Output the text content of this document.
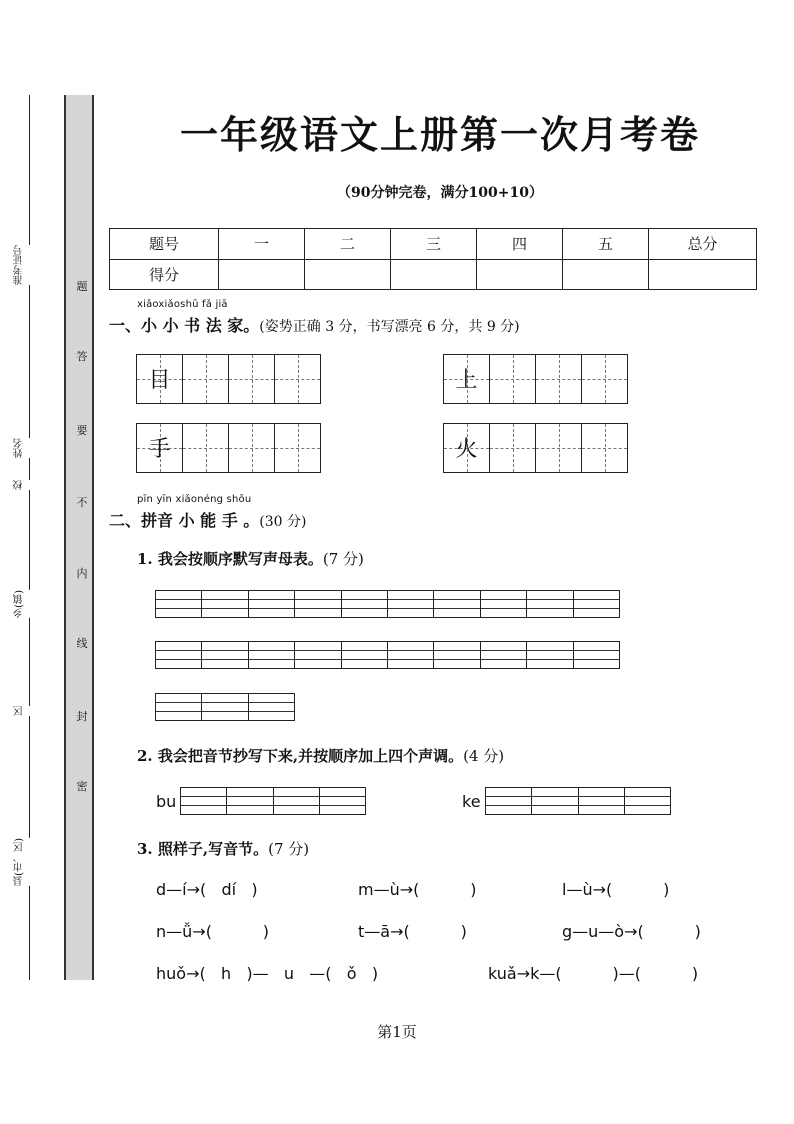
准考证号
姓名
校
乡(镇)
区
县(市、区)
题
答
要
不
内
线
封
密
一年级语文上册第一次月考卷
（90分钟完卷，满分100+10）
题号	一	二	三	四	五	总分
得分						
xiǎoxiǎoshū fǎ jiā
一、小 小 书 法 家。(姿势正确 3 分，书写漂亮 6 分，共 9 分)
目	上
手	火
pīn yīn xiǎonéng shǒu
二、拼音 小 能 手 。(30 分)
1. 我会按顺序默写声母表。(7 分)
2. 我会把音节抄写下来,并按顺序加上四个声调。(4 分)
bu	ke
3. 照样子,写音节。(7 分)
d—í→(   dí   )	m—ù→(          )	l—ù→(          )
n—ǚ→(          )	t—ā→(          )	g—u—ò→(          )
huǒ→(   h   )—   u   —(   ǒ   )	kuǎ→k—(          )—(          )
第1页
